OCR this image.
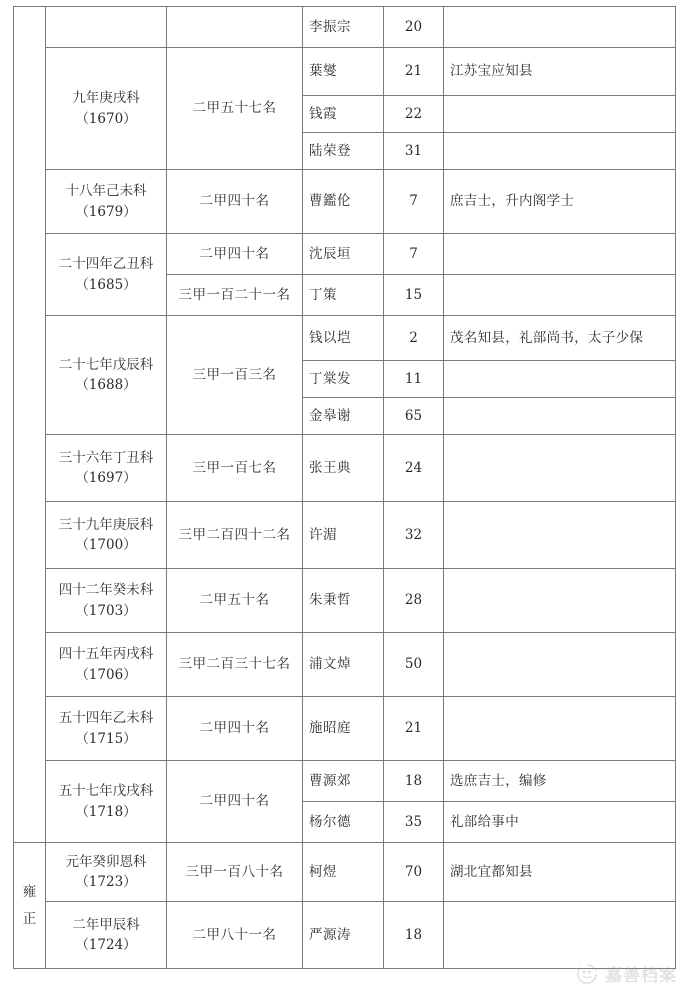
			李振宗	20	

	九年庚戌科
（1670）	二甲五十七名	葉燮	21	江苏宝应知县
			钱霞	22	
			陆荣登	31	

	十八年己未科
（1679）	二甲四十名	曹鑑伦	7	庶吉士，升内阁学士

	二十四年乙丑科
（1685）	二甲四十名	沈辰垣	7	
		三甲一百二十一名	丁策	15	

	二十七年戊辰科
（1688）	三甲一百三名	钱以垲	2	茂名知县，礼部尚书，太子少保
			丁棠发	11	
			金皋谢	65	

	三十六年丁丑科
（1697）	三甲一百七名	张王典	24	

	三十九年庚辰科
（1700）	三甲二百四十二名	许湄	32	

	四十二年癸未科
（1703）	二甲五十名	朱秉哲	28	

	四十五年丙戌科
（1706）	三甲二百三十七名	浦文焯	50	

	五十四年乙未科
（1715）	二甲四十名	施昭庭	21	

	五十七年戊戌科
（1718）	二甲四十名	曹源郊	18	选庶吉士，编修
			杨尔德	35	礼部给事中

雍正	元年癸卯恩科
（1723）	三甲一百八十名	柯煜	70	湖北宜都知县

	二年甲辰科
（1724）	二甲八十一名	严源涛	18	
嘉善档案
